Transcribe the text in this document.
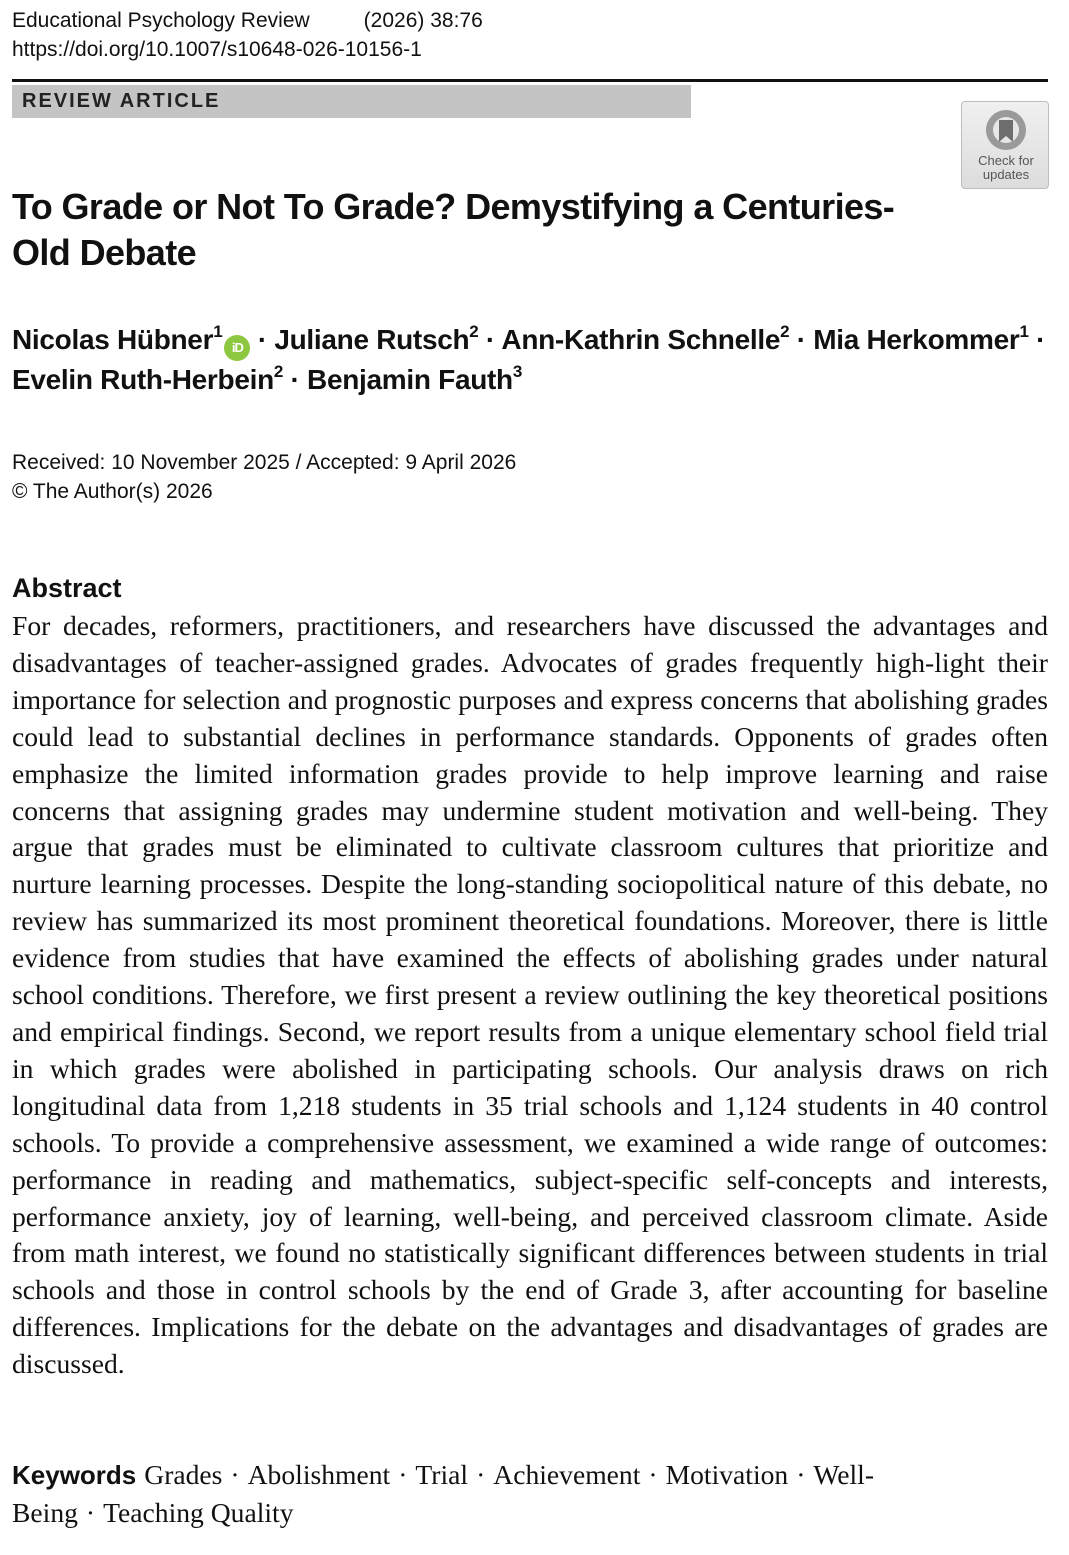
Educational Psychology Review	(2026) 38:76
https://doi.org/10.1007/s10648-026-10156-1
REVIEW ARTICLE
Check for
updates
To Grade or Not To Grade? Demystifying a Centuries-Old Debate
Nicolas Hübner$^1$iD · Juliane Rutsch$^2$ · Ann-Kathrin Schnelle$^2$ · Mia Herkommer$^1$ ·
Evelin Ruth-Herbein$^2$ · Benjamin Fauth$^3$
Received: 10 November 2025 / Accepted: 9 April 2026
© The Author(s) 2026
Abstract

For decades, reformers, practitioners, and researchers have discussed the advantages and disadvantages of teacher-assigned grades. Advocates of grades frequently high-light their importance for selection and prognostic purposes and express concerns that abolishing grades could lead to substantial declines in performance standards. Opponents of grades often emphasize the limited information grades provide to help improve learning and raise concerns that assigning grades may undermine student motivation and well-being. They argue that grades must be eliminated to cultivate classroom cultures that prioritize and nurture learning processes. Despite the long-standing sociopolitical nature of this debate, no review has summarized its most prominent theoretical foundations. Moreover, there is little evidence from studies that have examined the effects of abolishing grades under natural school conditions. Therefore, we first present a review outlining the key theoretical positions and empirical findings. Second, we report results from a unique elementary school field trial in which grades were abolished in participating schools. Our analysis draws on rich longitudinal data from 1,218 students in 35 trial schools and 1,124 students in 40 control schools. To provide a comprehensive assessment, we examined a wide range of outcomes: performance in reading and mathematics, subject-specific self-concepts and interests, performance anxiety, joy of learning, well-being, and perceived classroom climate. Aside from math interest, we found no statistically significant differences between students in trial schools and those in control schools by the end of Grade 3, after accounting for baseline differences. Implications for the debate on the advantages and disadvantages of grades are discussed.

Keywords Grades · Abolishment · Trial · Achievement · Motivation · Well-Being · Teaching Quality
